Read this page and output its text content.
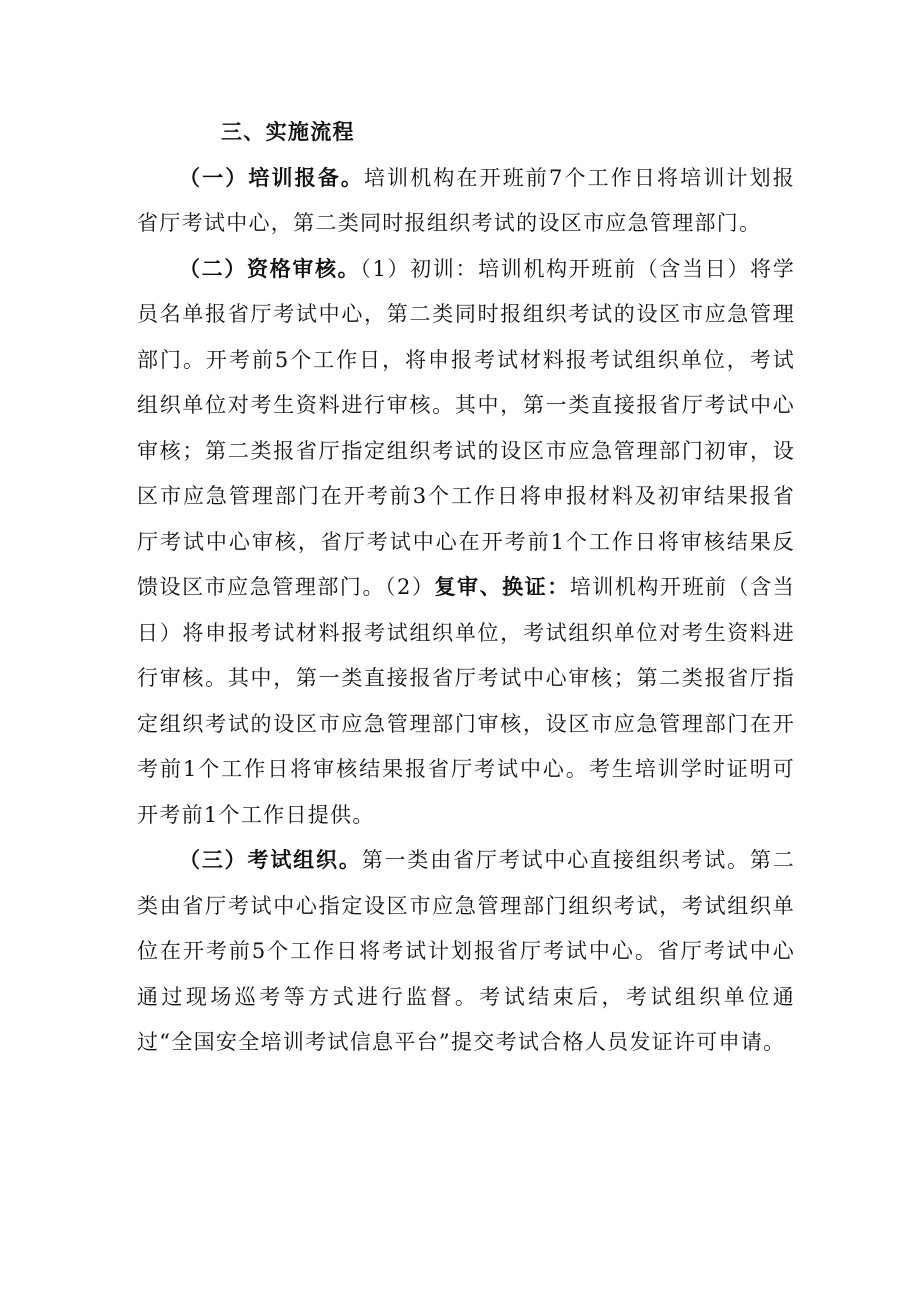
三、实施流程

（一）培训报备。培训机构在开班前7个工作日将培训计划报省厅考试中心，第二类同时报组织考试的设区市应急管理部门。

（二）资格审核。（1）初训：培训机构开班前（含当日）将学员名单报省厅考试中心，第二类同时报组织考试的设区市应急管理部门。开考前5个工作日，将申报考试材料报考试组织单位，考试组织单位对考生资料进行审核。其中，第一类直接报省厅考试中心审核；第二类报省厅指定组织考试的设区市应急管理部门初审，设区市应急管理部门在开考前3个工作日将申报材料及初审结果报省厅考试中心审核，省厅考试中心在开考前1个工作日将审核结果反馈设区市应急管理部门。（2）复审、换证：培训机构开班前（含当日）将申报考试材料报考试组织单位，考试组织单位对考生资料进行审核。其中，第一类直接报省厅考试中心审核；第二类报省厅指定组织考试的设区市应急管理部门审核，设区市应急管理部门在开考前1个工作日将审核结果报省厅考试中心。考生培训学时证明可开考前1个工作日提供。

（三）考试组织。第一类由省厅考试中心直接组织考试。第二类由省厅考试中心指定设区市应急管理部门组织考试，考试组织单位在开考前5个工作日将考试计划报省厅考试中心。省厅考试中心通过现场巡考等方式进行监督。考试结束后，考试组织单位通过“全国安全培训考试信息平台”提交考试合格人员发证许可申请。
